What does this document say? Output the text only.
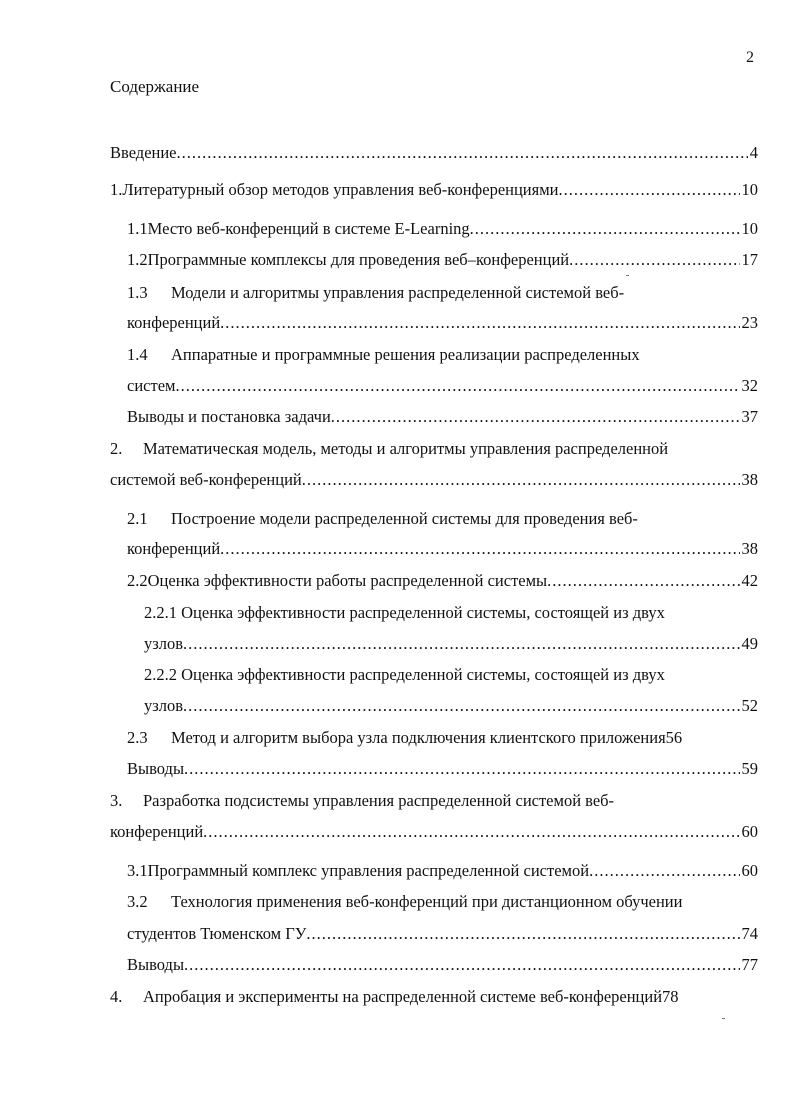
2
Содержание
Введение .....	4
1. Литературный обзор методов управления веб-конференциями .....	10
1.1 Место веб-конференций в системе E-Learning .....	10
1.2 Программные комплексы для проведения веб–конференций .....	17
1.3 Модели и алгоритмы управления распределенной системой веб-
конференций .....	23
1.4 Аппаратные и программные решения реализации распределенных
систем .....	32
Выводы и постановка задачи .....	37
2. Математическая модель, методы и алгоритмы управления распределенной
системой веб-конференций .....	38
2.1 Построение модели распределенной системы для проведения веб-
конференций .....	38
2.2 Оценка эффективности работы распределенной системы .....	42
2.2.1 Оценка эффективности распределенной системы, состоящей из двух
узлов .....	49
2.2.2 Оценка эффективности распределенной системы, состоящей из двух
узлов .....	52
2.3	Метод и алгоритм выбора узла подключения клиентского приложения 56
Выводы .....	59
3. Разработка подсистемы управления распределенной системой веб-
конференций .....	60
3.1 Программный комплекс управления распределенной системой .....	60
3.2 Технология применения веб-конференций при дистанционном обучении
студентов Тюменском ГУ .....	74
Выводы .....	77
4.	Апробация и эксперименты на распределенной системе веб-конференций 78
